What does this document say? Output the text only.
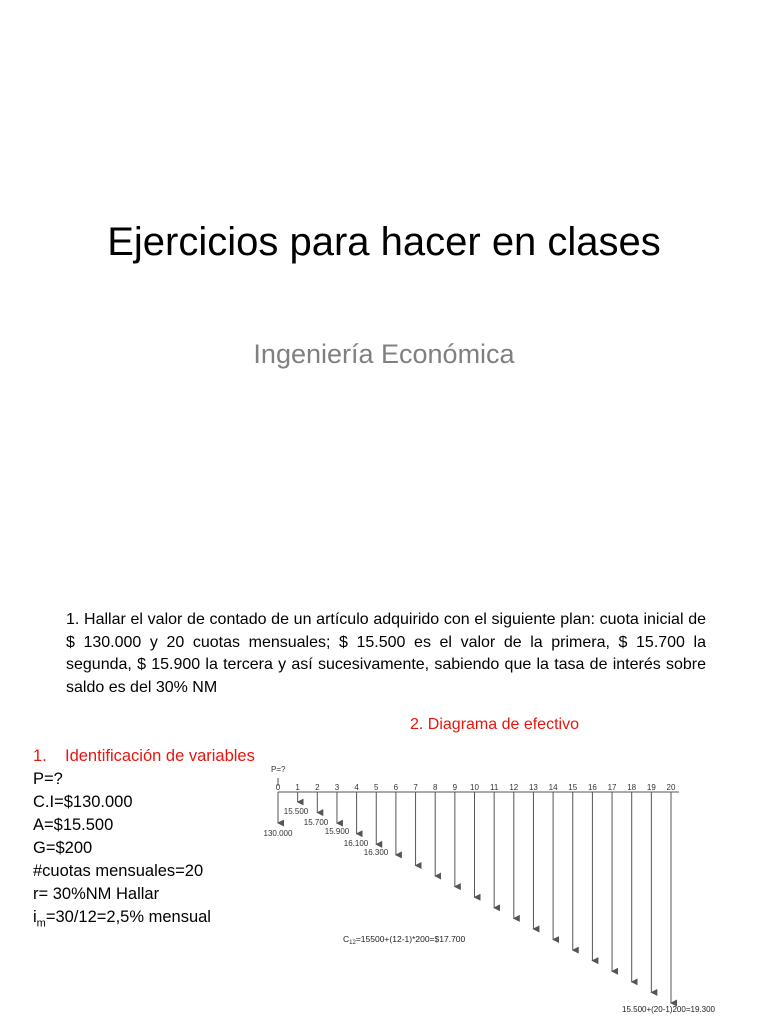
Ejercicios para hacer en clases
Ingeniería Económica
1. Hallar el valor de contado de un artículo adquirido con el siguiente plan: cuota inicial de $ 130.000 y 20 cuotas mensuales; $ 15.500 es el valor de la primera, $ 15.700 la segunda, $ 15.900 la tercera y así sucesivamente, sabiendo que la tasa de interés sobre saldo es del 30% NM
2. Diagrama de efectivo
1.	Identificación de variables
P=?
C.I=$130.000
A=$15.500
G=$200
#cuotas mensuales=20
r= 30%NM Hallar
$i_m=30/12=2,5\%$ mensual
0 1 2 3 4 5 6 7 8 9 10 11 12 13 14 15 16 17 18 19 20
P=?
130.000
15.500
15.700
15.900
16.100
16.300
$C_{12}=15500+(12-1)*200=\$17.700$
15.500+(20-1)200=19.300
